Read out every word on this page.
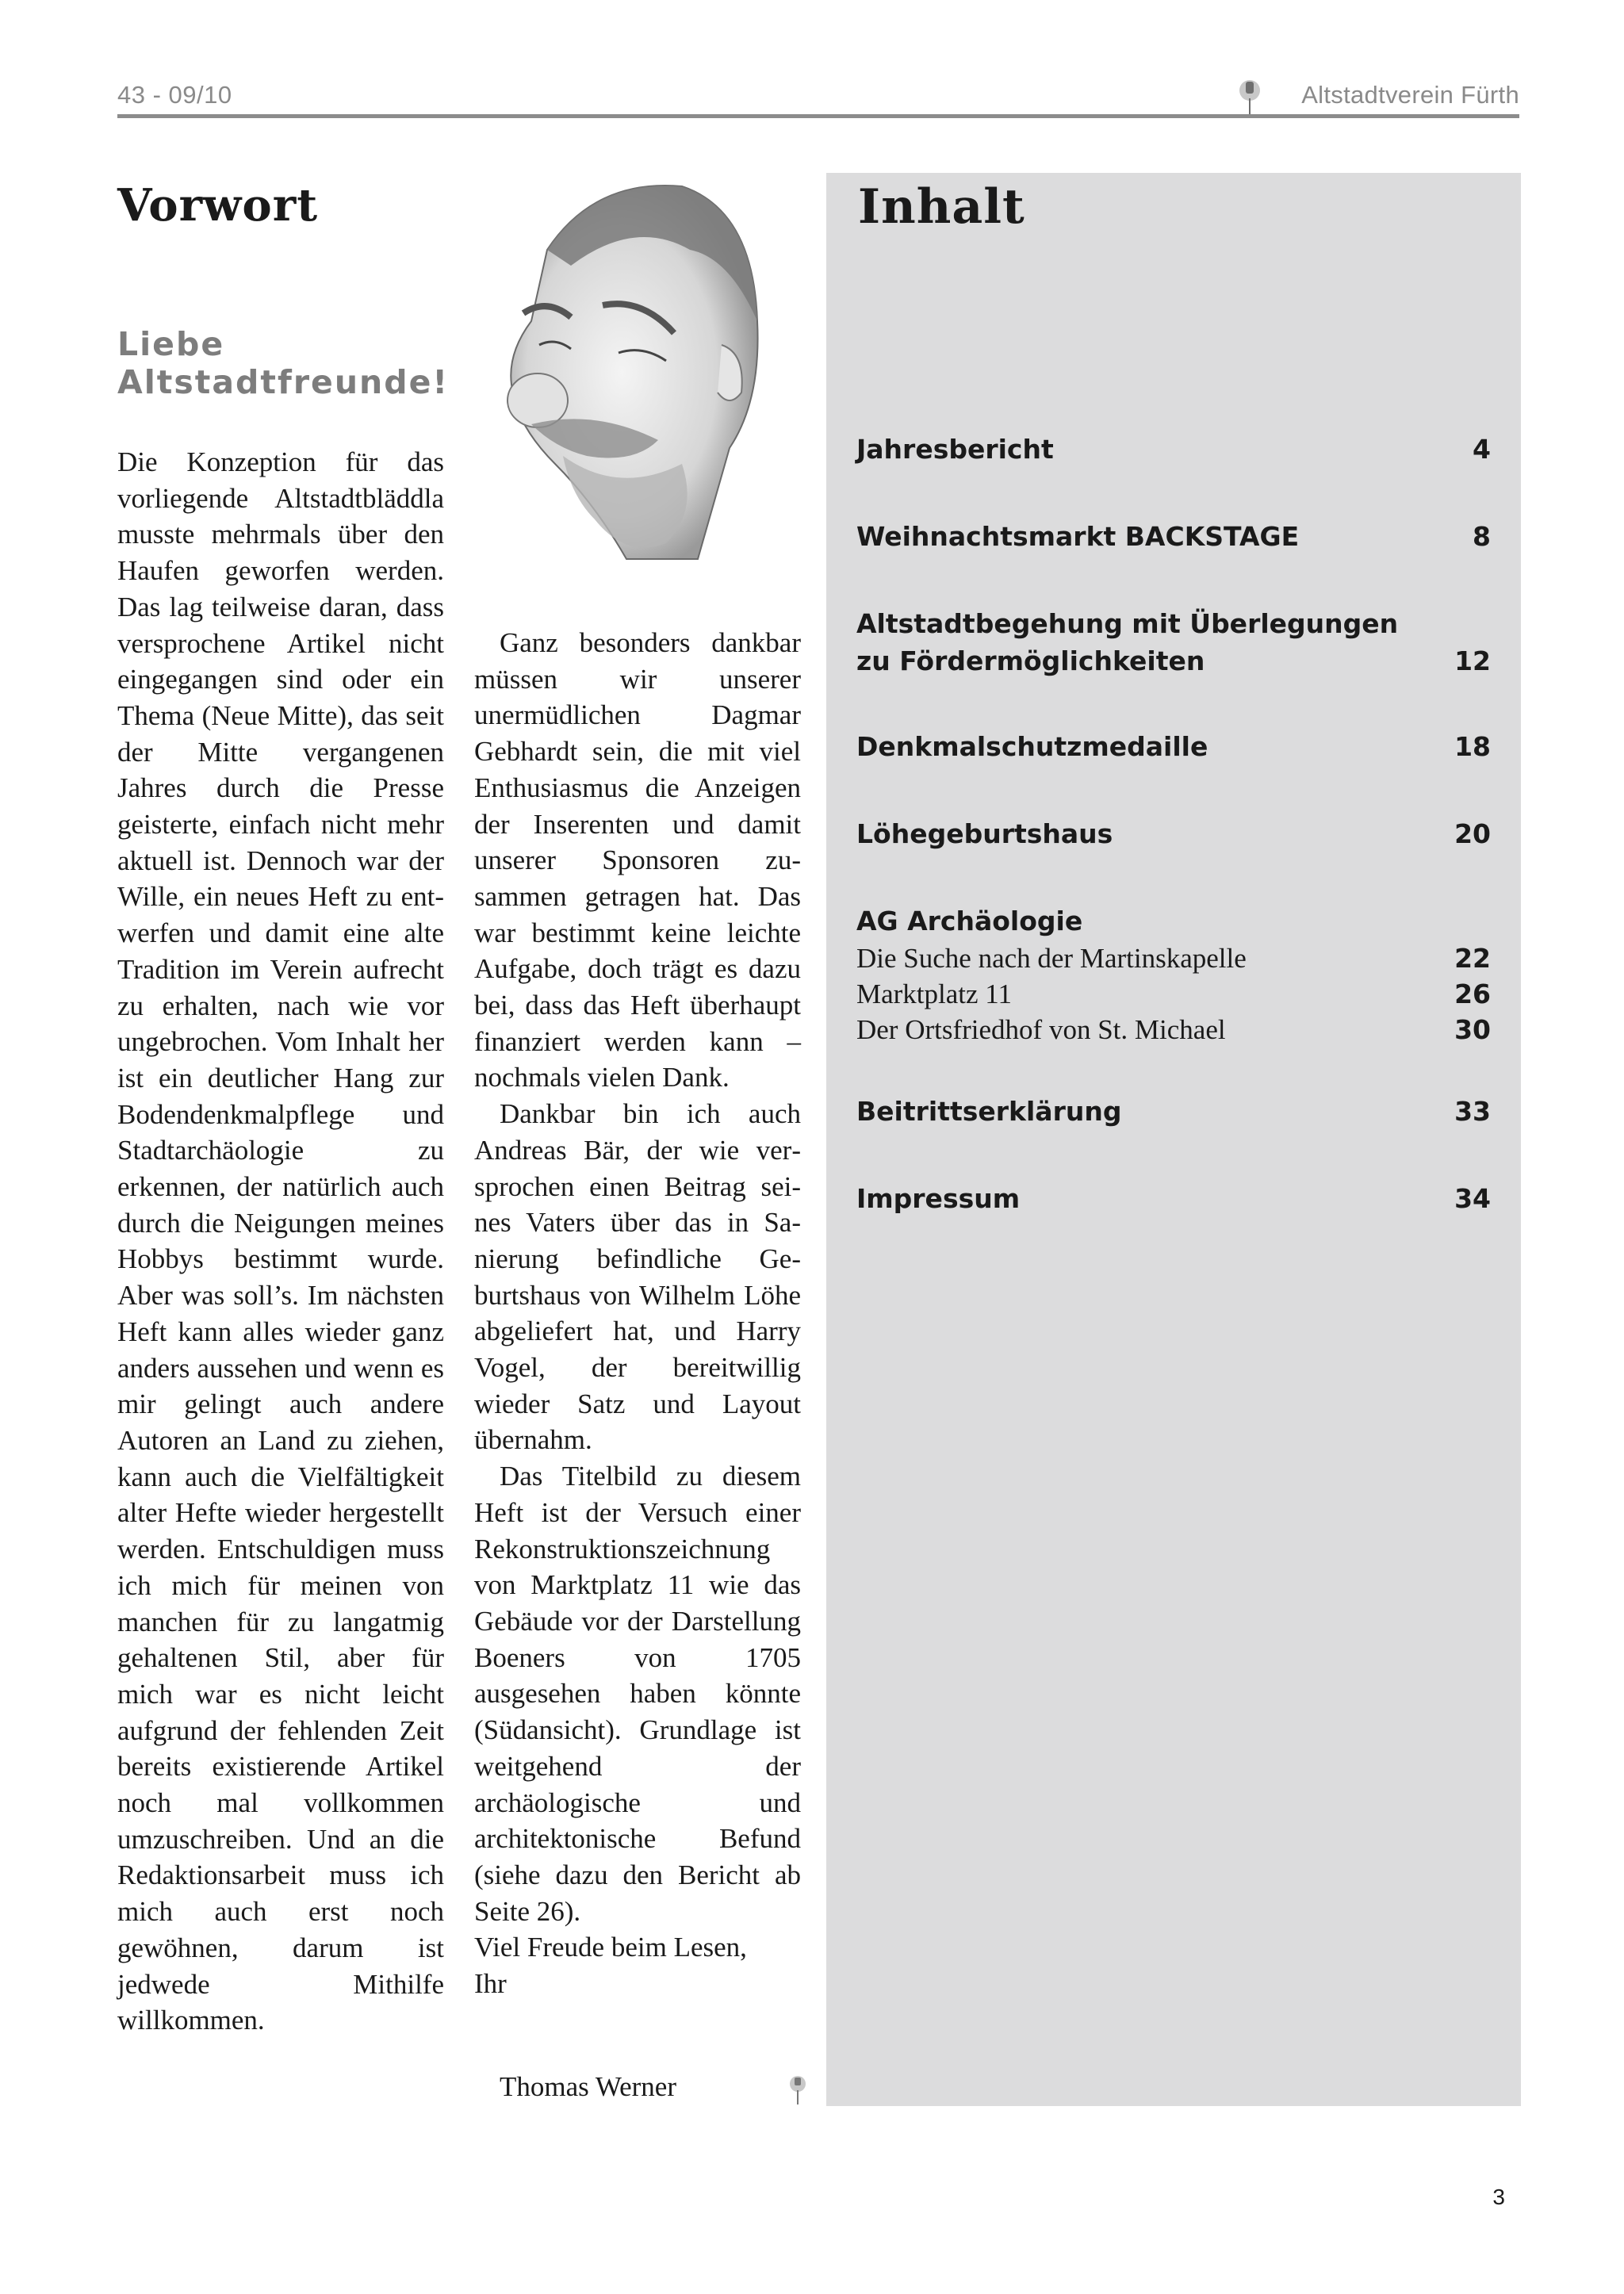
43 - 09/10	Altstadtverein Fürth
Vorwort
Liebe
Altstadtfreunde!

Die Konzeption für das vorliegende Altstadtbläddla musste mehrmals über den Haufen geworfen werden. Das lag teilweise daran, dass versprochene Artikel nicht eingegangen sind oder ein Thema (Neue Mitte), das seit der Mitte vergangenen Jahres durch die Presse geisterte, einfach nicht mehr aktuell ist. Dennoch war der Wille, ein neues Heft zu entwerfen und damit eine alte Tradition im Verein aufrecht zu erhalten, nach wie vor ungebrochen. Vom Inhalt her ist ein deutlicher Hang zur Bodendenkmalpflege und Stadtarchäologie zu erkennen, der natürlich auch durch die Neigungen meines Hobbys bestimmt wurde. Aber was soll’s. Im nächsten Heft kann alles wieder ganz anders aussehen und wenn es mir gelingt auch andere Autoren an Land zu ziehen, kann auch die Vielfältigkeit alter Hefte wieder hergestellt werden. Entschuldigen muss ich mich für meinen von manchen für zu langatmig gehaltenen Stil, aber für mich war es nicht leicht aufgrund der fehlenden Zeit bereits existierende Artikel noch mal vollkommen umzuschreiben. Und an die Redaktionsarbeit muss ich mich auch erst noch gewöhnen, darum ist jedwede Mithilfe willkommen.

Ganz besonders dankbar müssen wir unserer unermüdlichen Dagmar Gebhardt sein, die mit viel Enthusiasmus die Anzeigen der Inserenten und damit unserer Sponsoren zusammen getragen hat. Das war bestimmt keine leichte Aufgabe, doch trägt es dazu bei, dass das Heft überhaupt finanziert werden kann – nochmals vielen Dank.

Dankbar bin ich auch Andreas Bär, der wie versprochen einen Beitrag seines Vaters über das in Sanierung befindliche Geburtshaus von Wilhelm Löhe abgeliefert hat, und Harry Vogel, der bereitwillig wieder Satz und Layout übernahm.

Das Titelbild zu diesem Heft ist der Versuch einer Rekonstruktionszeichnung von Marktplatz 11 wie das Gebäude vor der Darstellung Boeners von 1705 ausgesehen haben könnte (Südansicht). Grundlage ist weitgehend der archäologische und architektonische Befund (siehe dazu den Bericht ab Seite 26).

Viel Freude beim Lesen,

Ihr

Thomas Werner
Inhalt
Jahresbericht	4
Weihnachtsmarkt BACKSTAGE	8
Altstadtbegehung mit Überlegungen zu Fördermöglichkeiten	12
Denkmalschutzmedaille	18
Löhegeburtshaus	20
AG Archäologie
Die Suche nach der Martinskapelle	22
Marktplatz 11	26
Der Ortsfriedhof von St. Michael	30
Beitrittserklärung	33
Impressum	34
3
